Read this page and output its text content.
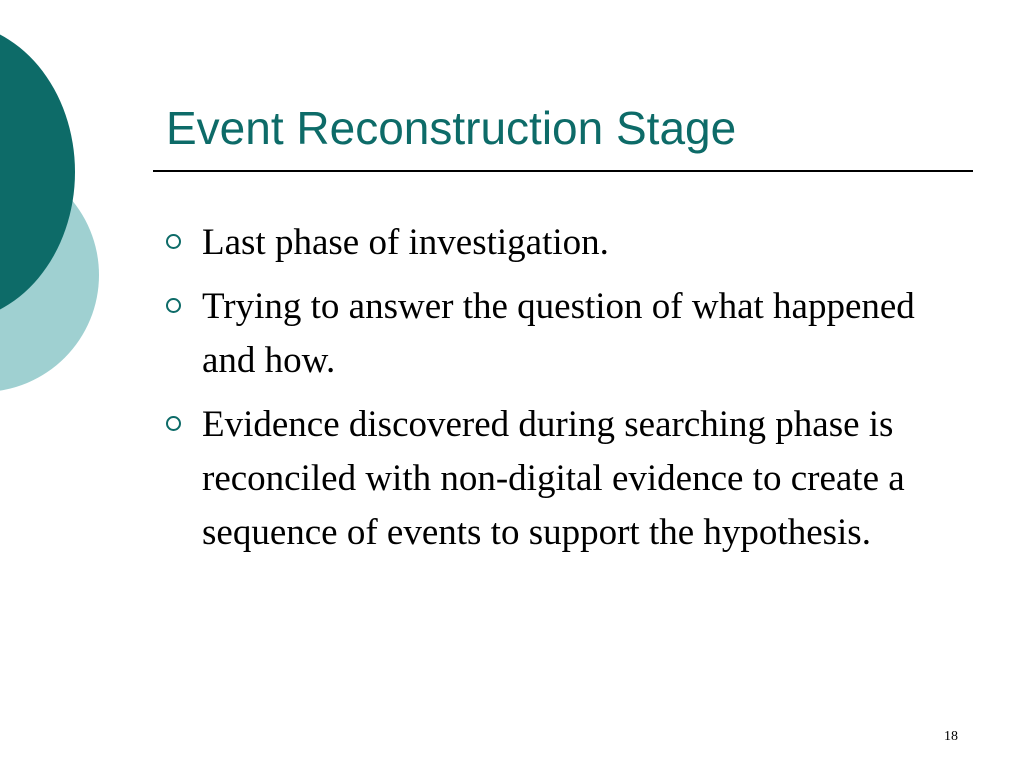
Event Reconstruction Stage
Last phase of investigation.
Trying to answer the question of what happened and how.
Evidence discovered during searching phase is reconciled with non-digital evidence to create a sequence of events to support the hypothesis.
18
